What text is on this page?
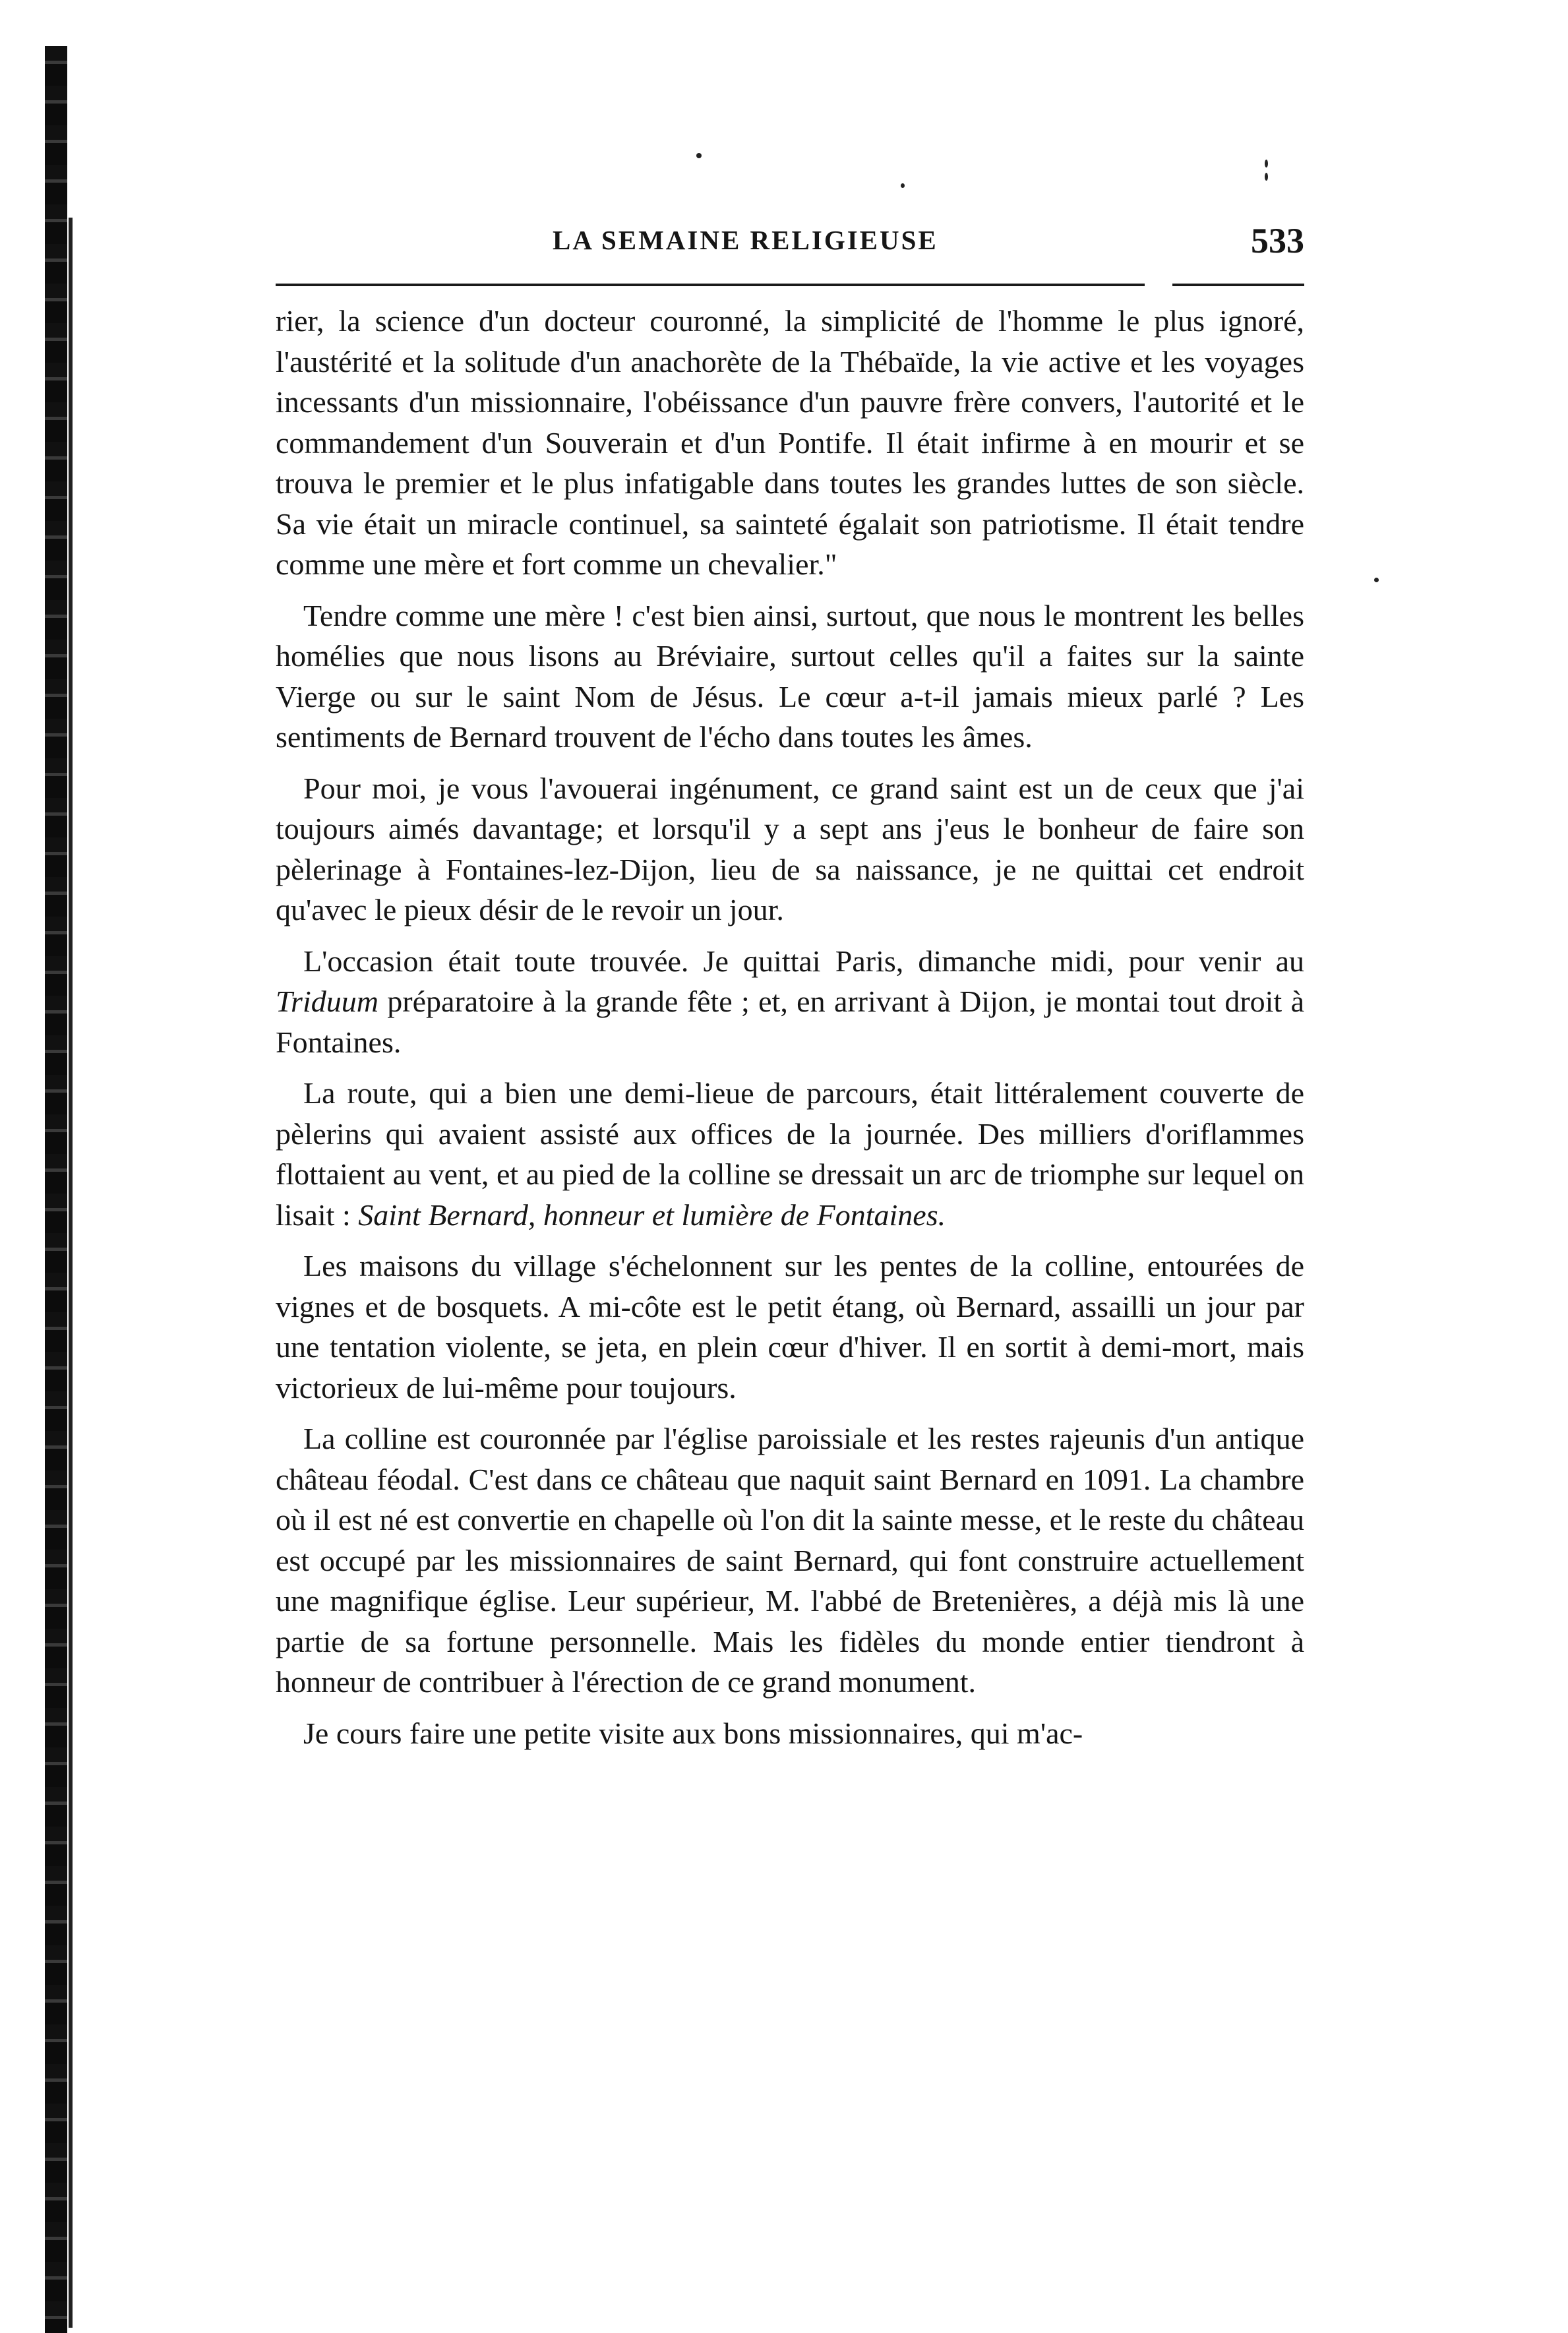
LA SEMAINE RELIGIEUSE	533

rier, la science d'un docteur couronné, la simplicité de l'homme le plus ignoré, l'austérité et la solitude d'un anachorète de la Thébaïde, la vie active et les voyages incessants d'un missionnaire, l'obéissance d'un pauvre frère convers, l'autorité et le commandement d'un Souverain et d'un Pontife. Il était infirme à en mourir et se trouva le premier et le plus infatigable dans toutes les grandes luttes de son siècle. Sa vie était un miracle continuel, sa sainteté égalait son patriotisme. Il était tendre comme une mère et fort comme un chevalier."

Tendre comme une mère ! c'est bien ainsi, surtout, que nous le montrent les belles homélies que nous lisons au Bréviaire, surtout celles qu'il a faites sur la sainte Vierge ou sur le saint Nom de Jésus. Le cœur a-t-il jamais mieux parlé ? Les sentiments de Bernard trouvent de l'écho dans toutes les âmes.

Pour moi, je vous l'avouerai ingénument, ce grand saint est un de ceux que j'ai toujours aimés davantage; et lorsqu'il y a sept ans j'eus le bonheur de faire son pèlerinage à Fontaines-lez-Dijon, lieu de sa naissance, je ne quittai cet endroit qu'avec le pieux désir de le revoir un jour.

L'occasion était toute trouvée. Je quittai Paris, dimanche midi, pour venir au Triduum préparatoire à la grande fête ; et, en arrivant à Dijon, je montai tout droit à Fontaines.

La route, qui a bien une demi-lieue de parcours, était littéralement couverte de pèlerins qui avaient assisté aux offices de la journée. Des milliers d'oriflammes flottaient au vent, et au pied de la colline se dressait un arc de triomphe sur lequel on lisait : Saint Bernard, honneur et lumière de Fontaines.

Les maisons du village s'échelonnent sur les pentes de la colline, entourées de vignes et de bosquets. A mi-côte est le petit étang, où Bernard, assailli un jour par une tentation violente, se jeta, en plein cœur d'hiver. Il en sortit à demi-mort, mais victorieux de lui-même pour toujours.

La colline est couronnée par l'église paroissiale et les restes rajeunis d'un antique château féodal. C'est dans ce château que naquit saint Bernard en 1091. La chambre où il est né est convertie en chapelle où l'on dit la sainte messe, et le reste du château est occupé par les missionnaires de saint Bernard, qui font construire actuellement une magnifique église. Leur supérieur, M. l'abbé de Bretenières, a déjà mis là une partie de sa fortune personnelle. Mais les fidèles du monde entier tiendront à honneur de contribuer à l'érection de ce grand monument.

Je cours faire une petite visite aux bons missionnaires, qui m'ac-
